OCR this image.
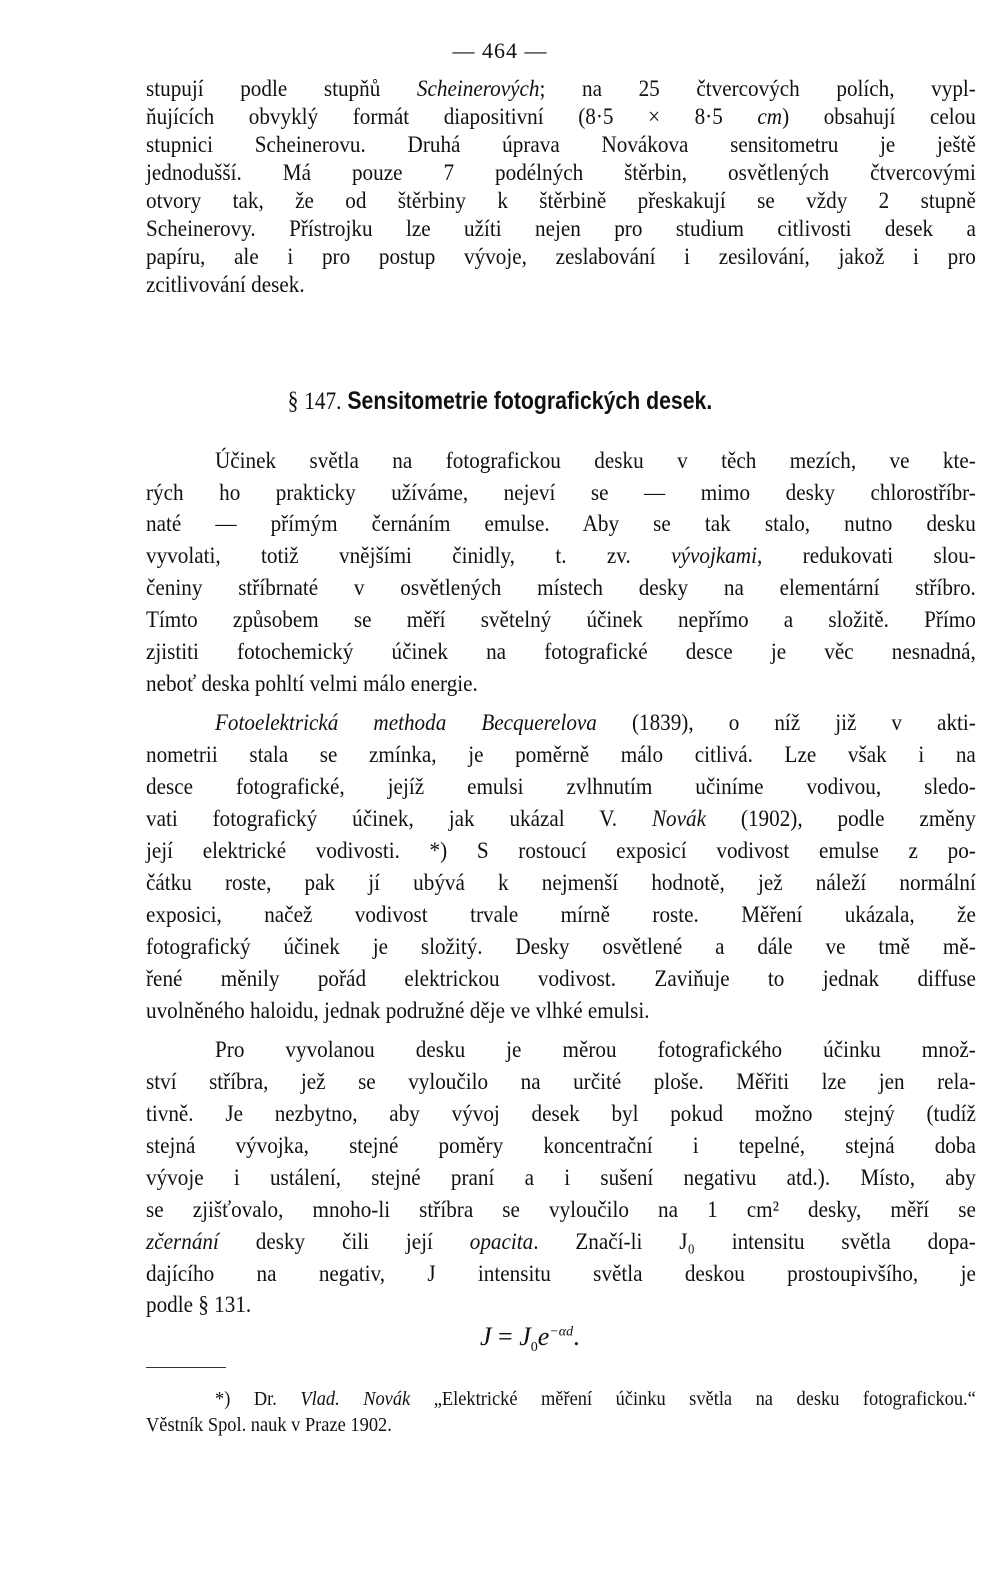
— 464 —
stupují podle stupňů Scheinerových; na 25 čtvercových polích, vypl-
ňujících obvyklý formát diapositivní (8·5 × 8·5 cm) obsahují celou
stupnici Scheinerovu. Druhá úprava Novákova sensitometru je ještě
jednodušší. Má pouze 7 podélných štěrbin, osvětlených čtvercovými
otvory tak, že od štěrbiny k štěrbině přeskakují se vždy 2 stupně
Scheinerovy. Přístrojku lze užíti nejen pro studium citlivosti desek a
papíru, ale i pro postup vývoje, zeslabování i zesilování, jakož i pro
zcitlivování desek.
§ 147. Sensitometrie fotografických desek.
Účinek světla na fotografickou desku v těch mezích, ve kte-
rých ho prakticky užíváme, nejeví se — mimo desky chlorostříbr-
naté — přímým černáním emulse. Aby se tak stalo, nutno desku
vyvolati, totiž vnějšími činidly, t. zv. vývojkami, redukovati slou-
čeniny stříbrnaté v osvětlených místech desky na elementární stříbro.
Tímto způsobem se měří světelný účinek nepřímo a složitě. Přímo
zjistiti fotochemický účinek na fotografické desce je věc nesnadná,
neboť deska pohltí velmi málo energie.
Fotoelektrická methoda Becquerelova (1839), o níž již v akti-
nometrii stala se zmínka, je poměrně málo citlivá. Lze však i na
desce fotografické, jejíž emulsi zvlhnutím učiníme vodivou, sledo-
vati fotografický účinek, jak ukázal V. Novák (1902), podle změny
její elektrické vodivosti. *) S rostoucí exposicí vodivost emulse z po-
čátku roste, pak jí ubývá k nejmenší hodnotě, jež náleží normální
exposici, načež vodivost trvale mírně roste. Měření ukázala, že
fotografický účinek je složitý. Desky osvětlené a dále ve tmě mě-
řené měnily pořád elektrickou vodivost. Zaviňuje to jednak diffuse
uvolněného haloidu, jednak podružné děje ve vlhké emulsi.
Pro vyvolanou desku je měrou fotografického účinku množ-
ství stříbra, jež se vyloučilo na určité ploše. Měřiti lze jen rela-
tivně. Je nezbytno, aby vývoj desek byl pokud možno stejný (tudíž
stejná vývojka, stejné poměry koncentrační i tepelné, stejná doba
vývoje i ustálení, stejné praní a i sušení negativu atd.). Místo, aby
se zjišťovalo, mnoho-li stříbra se vyloučilo na 1 cm² desky, měří se
zčernání desky čili její opacita. Značí-li J₀ intensitu světla dopa-
dajícího na negativ, J intensitu světla deskou prostoupivšího, je
podle § 131.
$J = J_0e^{-\alpha d}$.
*) Dr. Vlad. Novák „Elektrické měření účinku světla na desku fotografickou.“
Věstník Spol. nauk v Praze 1902.
